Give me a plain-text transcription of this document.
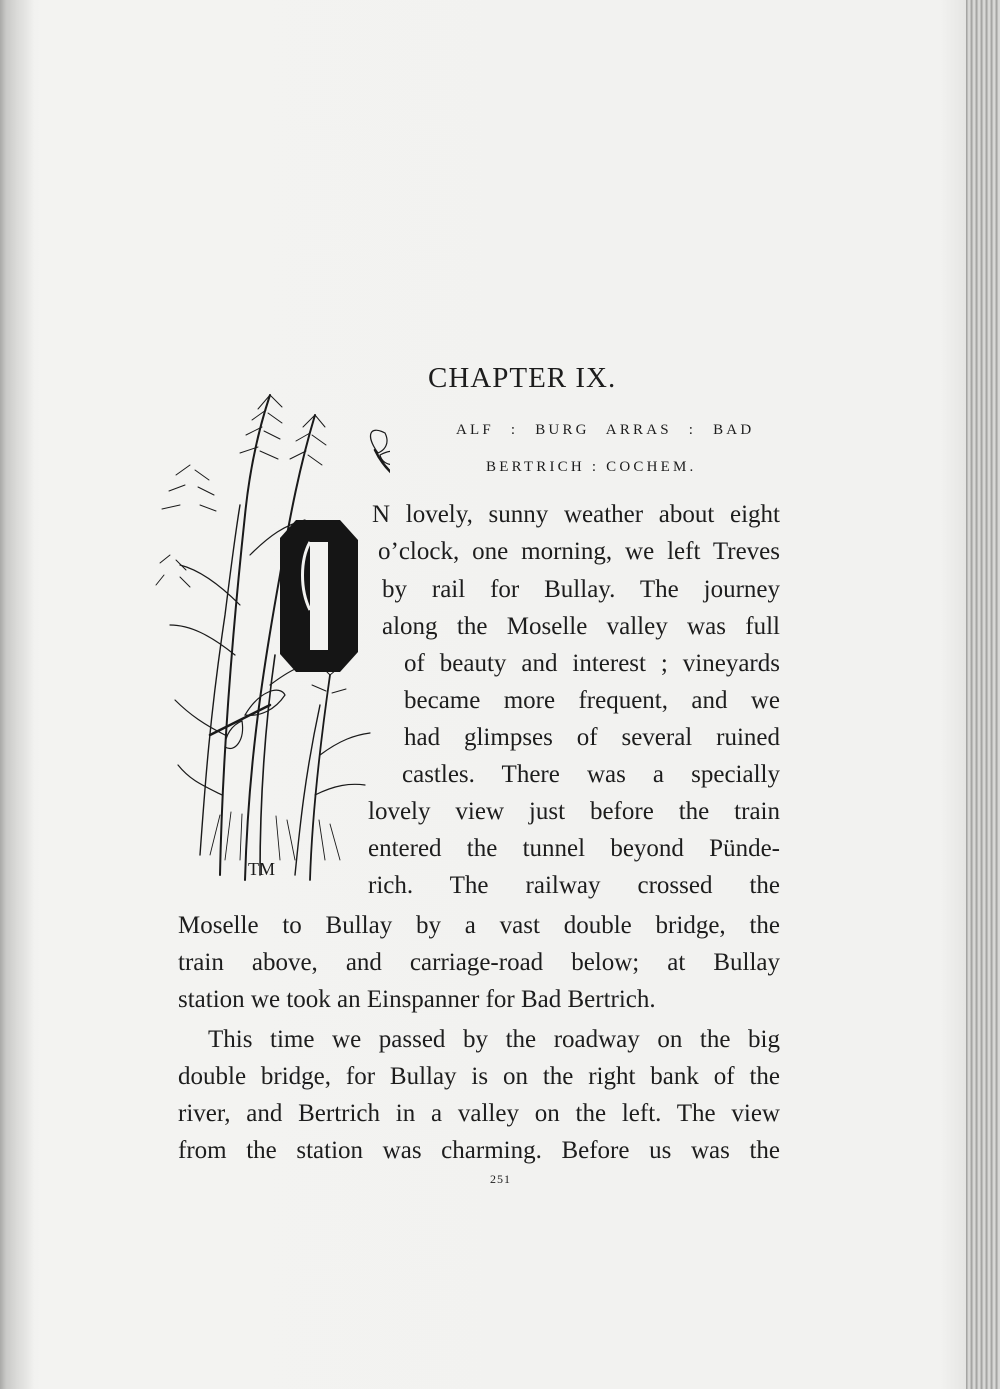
TM
CHAPTER IX.
ALF : BURG ARRAS : BAD
BERTRICH : COCHEM.
N lovely, sunny weather about eight
o’clock, one morning, we left Treves
by rail for Bullay. The journey
along the Moselle valley was full
of beauty and interest ; vineyards
became more frequent, and we
had glimpses of several ruined
castles. There was a specially
lovely view just before the train
entered the tunnel beyond Pünde-
rich. The railway crossed the
Moselle to Bullay by a vast double bridge, the
train above, and carriage-road below; at Bullay
station we took an Einspanner for Bad Bertrich.
This time we passed by the roadway on the big
double bridge, for Bullay is on the right bank of the
river, and Bertrich in a valley on the left. The view
from the station was charming. Before us was the
251
